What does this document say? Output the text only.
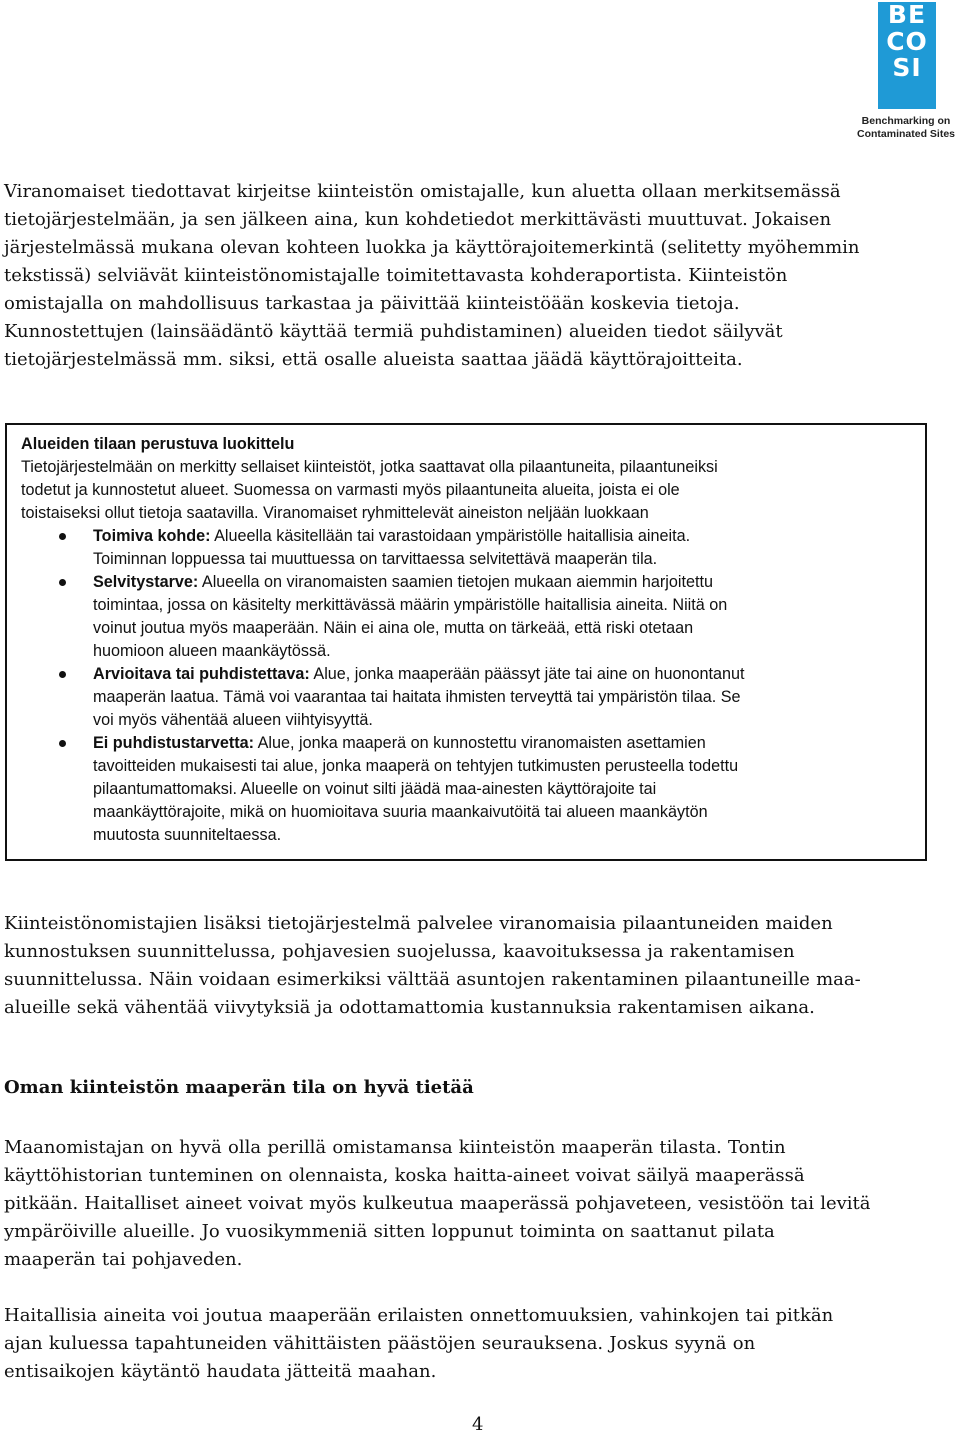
BE
CO
SI
Benchmarking on
Contaminated Sites
Viranomaiset tiedottavat kirjeitse kiinteistön omistajalle, kun aluetta ollaan merkitsemässä
tietojärjestelmään, ja sen jälkeen aina, kun kohdetiedot merkittävästi muuttuvat. Jokaisen
järjestelmässä mukana olevan kohteen luokka ja käyttörajoitemerkintä (selitetty myöhemmin
tekstissä) selviävät kiinteistönomistajalle toimitettavasta kohderaportista. Kiinteistön
omistajalla on mahdollisuus tarkastaa ja päivittää kiinteistöään koskevia tietoja.
Kunnostettujen (lainsäädäntö käyttää termiä puhdistaminen) alueiden tiedot säilyvät
tietojärjestelmässä mm. siksi, että osalle alueista saattaa jäädä käyttörajoitteita.
Alueiden tilaan perustuva luokittelu
Tietojärjestelmään on merkitty sellaiset kiinteistöt, jotka saattavat olla pilaantuneita, pilaantuneiksi
todetut ja kunnostetut alueet. Suomessa on varmasti myös pilaantuneita alueita, joista ei ole
toistaiseksi ollut tietoja saatavilla. Viranomaiset ryhmittelevät aineiston neljään luokkaan
Toimiva kohde: Alueella käsitellään tai varastoidaan ympäristölle haitallisia aineita.
Toiminnan loppuessa tai muuttuessa on tarvittaessa selvitettävä maaperän tila.
Selvitystarve: Alueella on viranomaisten saamien tietojen mukaan aiemmin harjoitettu
toimintaa, jossa on käsitelty merkittävässä määrin ympäristölle haitallisia aineita. Niitä on
voinut joutua myös maaperään. Näin ei aina ole, mutta on tärkeää, että riski otetaan
huomioon alueen maankäytössä.
Arvioitava tai puhdistettava: Alue, jonka maaperään päässyt jäte tai aine on huonontanut
maaperän laatua. Tämä voi vaarantaa tai haitata ihmisten terveyttä tai ympäristön tilaa. Se
voi myös vähentää alueen viihtyisyyttä.
Ei puhdistustarvetta: Alue, jonka maaperä on kunnostettu viranomaisten asettamien
tavoitteiden mukaisesti tai alue, jonka maaperä on tehtyjen tutkimusten perusteella todettu
pilaantumattomaksi. Alueelle on voinut silti jäädä maa-ainesten käyttörajoite tai
maankäyttörajoite, mikä on huomioitava suuria maankaivutöitä tai alueen maankäytön
muutosta suunniteltaessa.
Kiinteistönomistajien lisäksi tietojärjestelmä palvelee viranomaisia pilaantuneiden maiden
kunnostuksen suunnittelussa, pohjavesien suojelussa, kaavoituksessa ja rakentamisen
suunnittelussa. Näin voidaan esimerkiksi välttää asuntojen rakentaminen pilaantuneille maa-
alueille sekä vähentää viivytyksiä ja odottamattomia kustannuksia rakentamisen aikana.
Oman kiinteistön maaperän tila on hyvä tietää
Maanomistajan on hyvä olla perillä omistamansa kiinteistön maaperän tilasta. Tontin
käyttöhistorian tunteminen on olennaista, koska haitta-aineet voivat säilyä maaperässä
pitkään. Haitalliset aineet voivat myös kulkeutua maaperässä pohjaveteen, vesistöön tai levitä
ympäröiville alueille. Jo vuosikymmeniä sitten loppunut toiminta on saattanut pilata
maaperän tai pohjaveden.
Haitallisia aineita voi joutua maaperään erilaisten onnettomuuksien, vahinkojen tai pitkän
ajan kuluessa tapahtuneiden vähittäisten päästöjen seurauksena. Joskus syynä on
entisaikojen käytäntö haudata jätteitä maahan.
4
